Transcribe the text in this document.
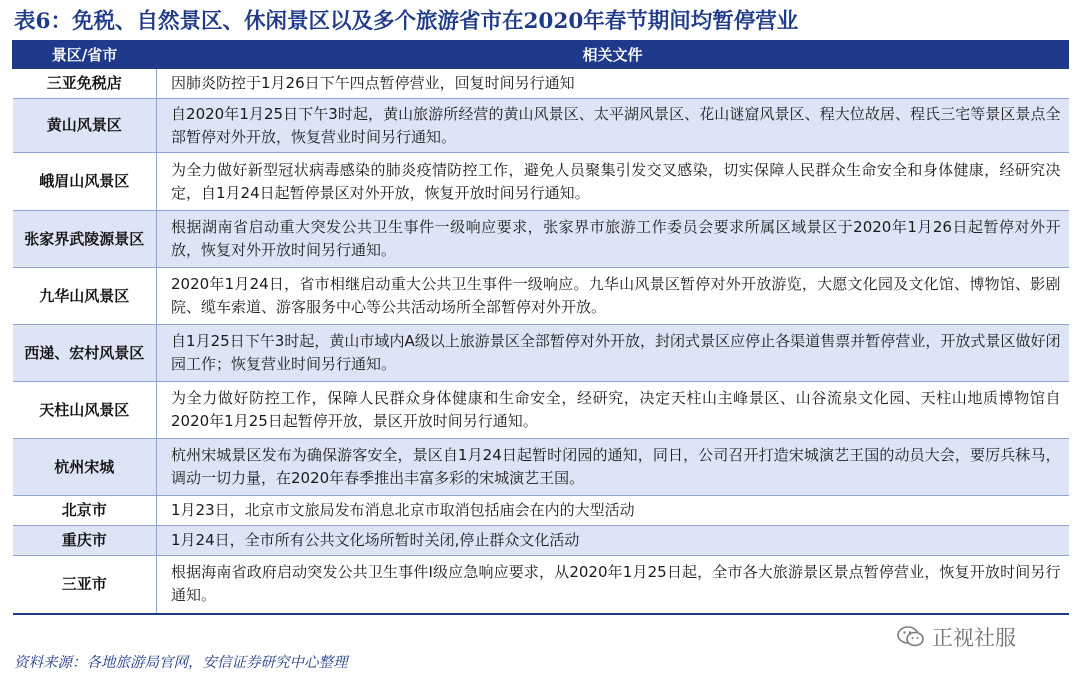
表6：免税、自然景区、休闲景区以及多个旅游省市在2020年春节期间均暂停营业
景区/省市	相关文件
三亚免税店	因肺炎防控于1月26日下午四点暂停营业，回复时间另行通知
黄山风景区	自2020年1月25日下午3时起，黄山旅游所经营的黄山风景区、太平湖风景区、花山谜窟风景区、程大位故居、程氏三宅等景区景点全部暂停对外开放，恢复营业时间另行通知。
峨眉山风景区	为全力做好新型冠状病毒感染的肺炎疫情防控工作，避免人员聚集引发交叉感染，切实保障人民群众生命安全和身体健康，经研究决定，自1月24日起暂停景区对外开放，恢复开放时间另行通知。
张家界武陵源景区	根据湖南省启动重大突发公共卫生事件一级响应要求，张家界市旅游工作委员会要求所属区域景区于2020年1月26日起暂停对外开放，恢复对外开放时间另行通知。
九华山风景区	2020年1月24日，省市相继启动重大公共卫生事件一级响应。九华山风景区暂停对外开放游览，大愿文化园及文化馆、博物馆、影剧院、缆车索道、游客服务中心等公共活动场所全部暂停对外开放。
西递、宏村风景区	自1月25日下午3时起，黄山市域内A级以上旅游景区全部暂停对外开放，封闭式景区应停止各渠道售票并暂停营业，开放式景区做好闭园工作；恢复营业时间另行通知。
天柱山风景区	为全力做好防控工作，保障人民群众身体健康和生命安全，经研究，决定天柱山主峰景区、山谷流泉文化园、天柱山地质博物馆自2020年1月25日起暂停开放，景区开放时间另行通知。
杭州宋城	杭州宋城景区发布为确保游客安全，景区自1月24日起暂时闭园的通知，同日，公司召开打造宋城演艺王国的动员大会，要厉兵秣马，调动一切力量，在2020年春季推出丰富多彩的宋城演艺王国。
北京市	1月23日，北京市文旅局发布消息北京市取消包括庙会在内的大型活动
重庆市	1月24日，全市所有公共文化场所暂时关闭,停止群众文化活动
三亚市	根据海南省政府启动突发公共卫生事件I级应急响应要求，从2020年1月25日起，全市各大旅游景区景点暂停营业，恢复开放时间另行通知。
资料来源：各地旅游局官网，安信证券研究中心整理
正视社服
